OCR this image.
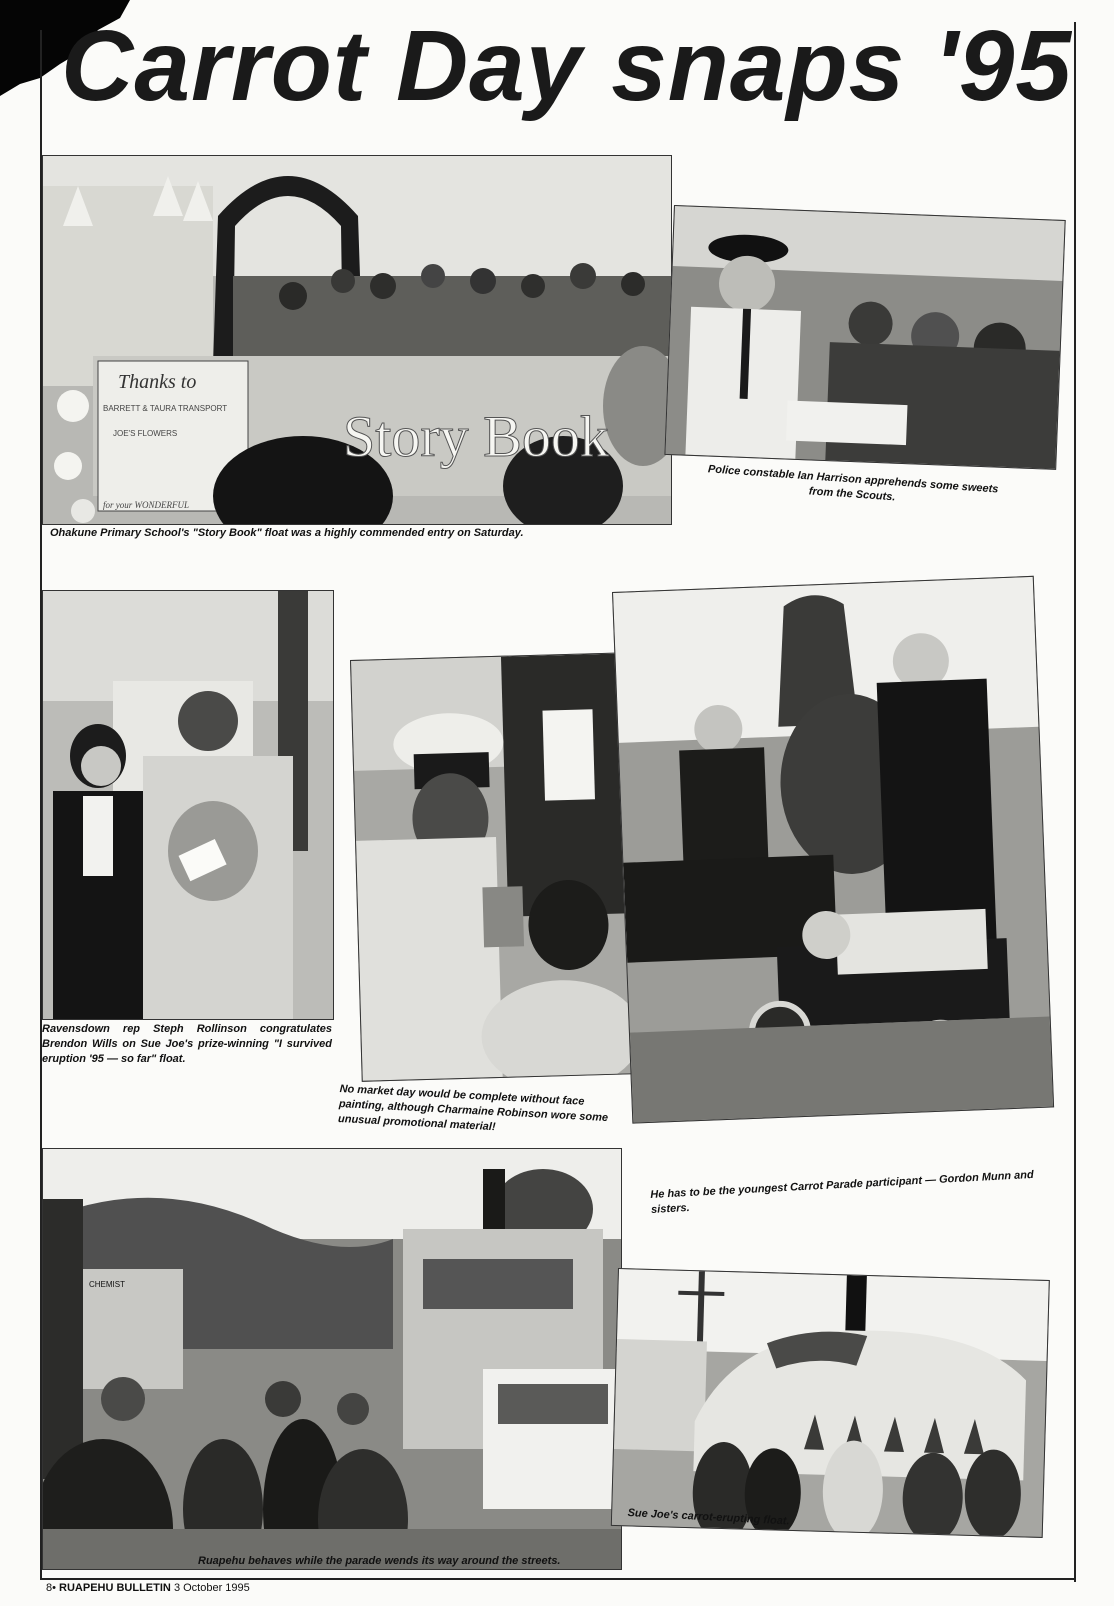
Carrot Day snaps '95
Thanks to
BARRETT & TAURA TRANSPORT
JOE'S FLOWERS
for your WONDERFUL
Story Book

Ohakune Primary School's "Story Book" float was a highly commended entry on Saturday.

Police constable Ian Harrison apprehends some sweets from the Scouts.

Ravensdown rep Steph Rollinson congratulates Brendon Wills on Sue Joe's prize-winning "I survived eruption '95 — so far" float.

No market day would be complete without face painting, although Charmaine Robinson wore some unusual promotional material!

He has to be the youngest Carrot Parade participant — Gordon Munn and sisters.

CHEMIST

Ruapehu behaves while the parade wends its way around the streets.

Sue Joe's carrot-erupting float.

8• RUAPEHU BULLETIN 3 October 1995
